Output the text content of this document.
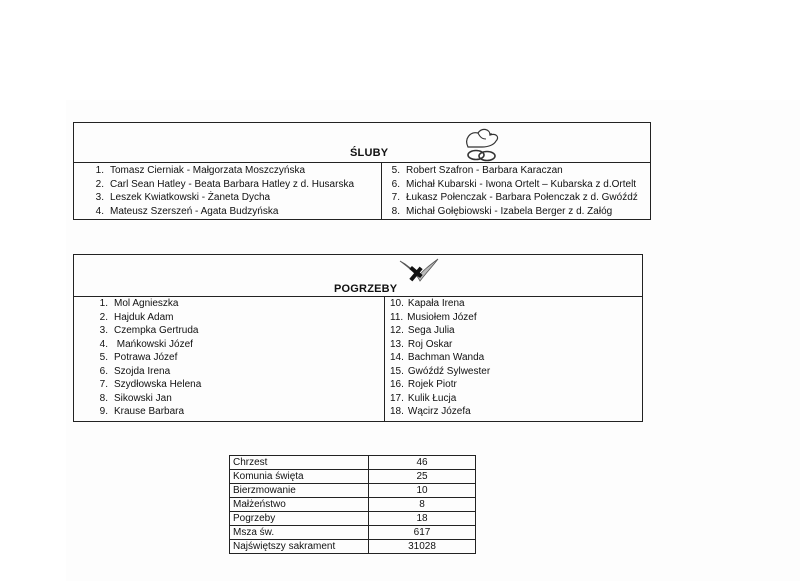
ŚLUBY
1. Tomasz Cierniak - Małgorzata Moszczyńska
2. Carl Sean Hatley - Beata Barbara Hatley z d. Husarska
3. Leszek Kwiatkowski - Żaneta Dycha
4. Mateusz Szerszeń - Agata Budzyńska
5. Robert Szafron - Barbara Karaczan
6. Michał Kubarski - Iwona Ortelt – Kubarska z d.Ortelt
7. Łukasz Połenczak - Barbara Połenczak z d. Gwóźdź
8. Michał Gołębiowski - Izabela Berger z d. Załóg
POGRZEBY
1. Mol Agnieszka
2. Hajduk Adam
3. Czempka Gertruda
4. Mańkowski Józef
5. Potrawa Józef
6. Szojda Irena
7. Szydłowska Helena
8. Sikowski Jan
9. Krause Barbara
10. Kapała Irena
11. Musiołem Józef
12. Sega Julia
13. Roj Oskar
14. Bachman Wanda
15. Gwóźdź Sylwester
16. Rojek Piotr
17. Kulik Łucja
18. Wącirz Józefa
Chrzest	46
Komunia święta	25
Bierzmowanie	10
Małżeństwo	8
Pogrzeby	18
Msza św.	617
Najświętszy sakrament	31028
